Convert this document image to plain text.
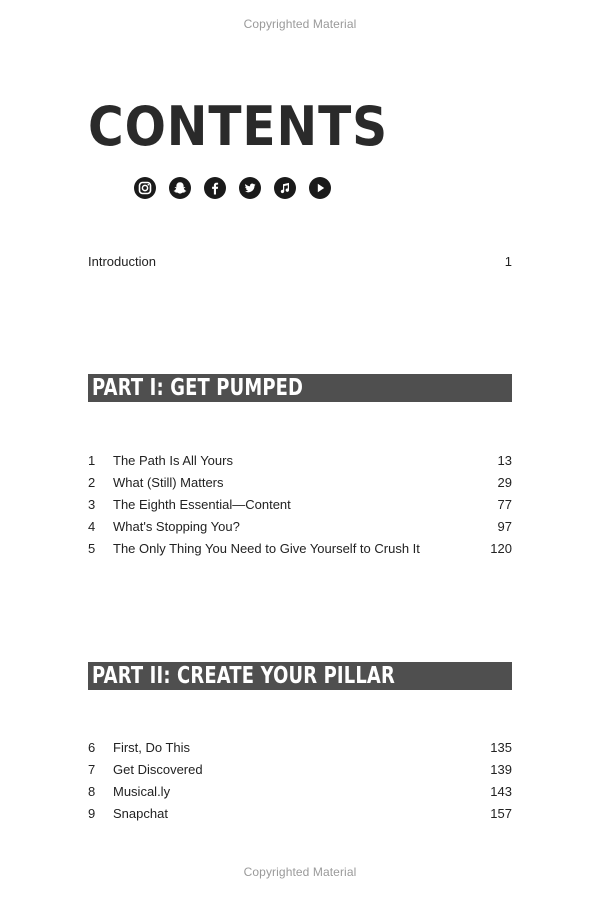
Copyrighted Material
CONTENTS
Introduction	1
PART I: GET PUMPED
1 The Path Is All Yours	13
2 What (Still) Matters	29
3 The Eighth Essential—Content	77
4 What's Stopping You?	97
5 The Only Thing You Need to Give Yourself to Crush It	120
PART II: CREATE YOUR PILLAR
6 First, Do This	135
7 Get Discovered	139
8 Musical.ly	143
9 Snapchat	157
Copyrighted Material
